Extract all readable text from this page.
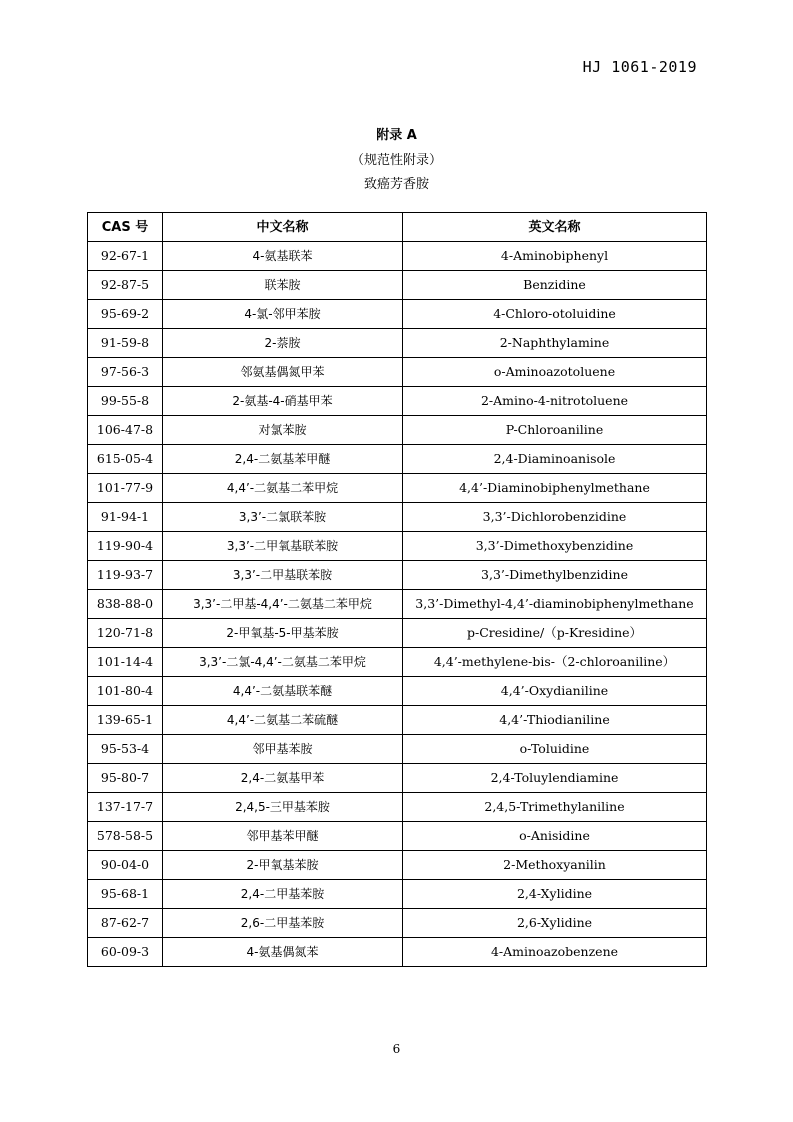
HJ 1061-2019
附录 A
（规范性附录）
致癌芳香胺
CAS 号	中文名称	英文名称
92-67-1	4-氨基联苯	4-Aminobiphenyl
92-87-5	联苯胺	Benzidine
95-69-2	4-氯-邻甲苯胺	4-Chloro-otoluidine
91-59-8	2-萘胺	2-Naphthylamine
97-56-3	邻氨基偶氮甲苯	o-Aminoazotoluene
99-55-8	2-氨基-4-硝基甲苯	2-Amino-4-nitrotoluene
106-47-8	对氯苯胺	P-Chloroaniline
615-05-4	2,4-二氨基苯甲醚	2,4-Diaminoanisole
101-77-9	4,4’-二氨基二苯甲烷	4,4’-Diaminobiphenylmethane
91-94-1	3,3’-二氯联苯胺	3,3’-Dichlorobenzidine
119-90-4	3,3’-二甲氧基联苯胺	3,3’-Dimethoxybenzidine
119-93-7	3,3’-二甲基联苯胺	3,3’-Dimethylbenzidine
838-88-0	3,3’-二甲基-4,4’-二氨基二苯甲烷	3,3’-Dimethyl-4,4’-diaminobiphenylmethane
120-71-8	2-甲氧基-5-甲基苯胺	p-Cresidine/（p-Kresidine）
101-14-4	3,3’-二氯-4,4’-二氨基二苯甲烷	4,4’-methylene-bis-（2-chloroaniline）
101-80-4	4,4’-二氨基联苯醚	4,4’-Oxydianiline
139-65-1	4,4’-二氨基二苯硫醚	4,4’-Thiodianiline
95-53-4	邻甲基苯胺	o-Toluidine
95-80-7	2,4-二氨基甲苯	2,4-Toluylendiamine
137-17-7	2,4,5-三甲基苯胺	2,4,5-Trimethylaniline
578-58-5	邻甲基苯甲醚	o-Anisidine
90-04-0	2-甲氧基苯胺	2-Methoxyanilin
95-68-1	2,4-二甲基苯胺	2,4-Xylidine
87-62-7	2,6-二甲基苯胺	2,6-Xylidine
60-09-3	4-氨基偶氮苯	4-Aminoazobenzene
6
